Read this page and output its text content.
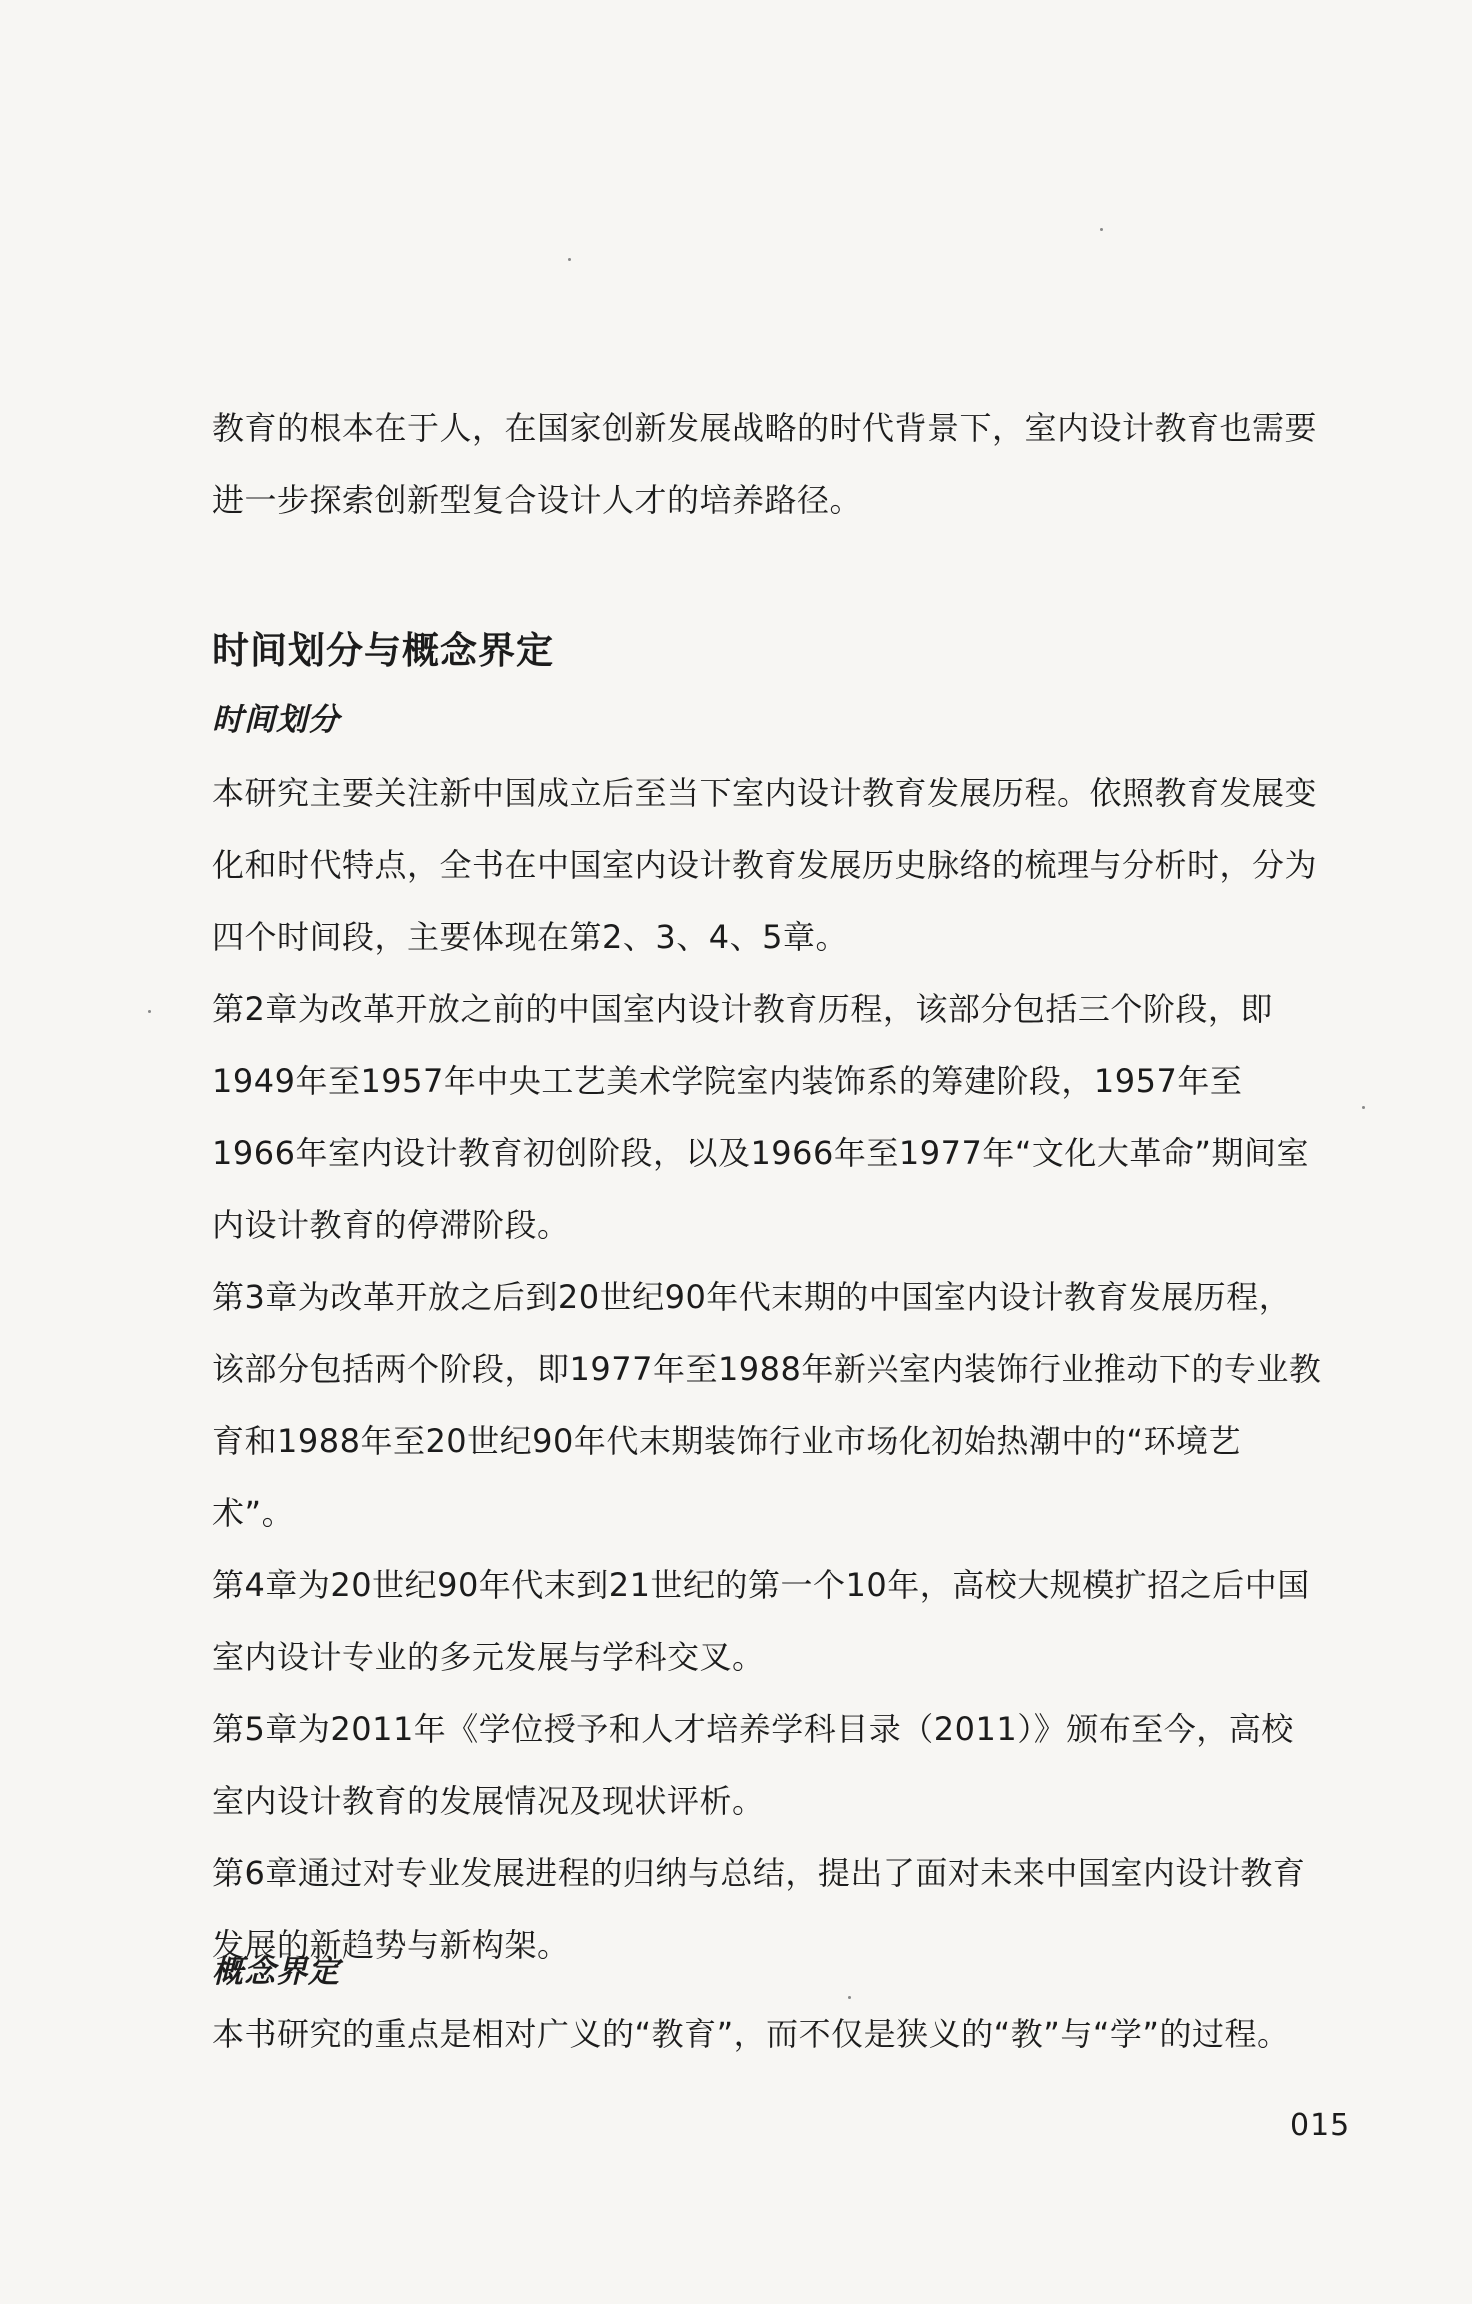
教育的根本在于人，在国家创新发展战略的时代背景下，室内设计教育也需要进一步探索创新型复合设计人才的培养路径。

时间划分与概念界定
时间划分

本研究主要关注新中国成立后至当下室内设计教育发展历程。依照教育发展变化和时代特点，全书在中国室内设计教育发展历史脉络的梳理与分析时，分为四个时间段，主要体现在第2、3、4、5章。

第2章为改革开放之前的中国室内设计教育历程，该部分包括三个阶段，即1949年至1957年中央工艺美术学院室内装饰系的筹建阶段，1957年至1966年室内设计教育初创阶段，以及1966年至1977年“文化大革命”期间室内设计教育的停滞阶段。

第3章为改革开放之后到20世纪90年代末期的中国室内设计教育发展历程，该部分包括两个阶段，即1977年至1988年新兴室内装饰行业推动下的专业教育和1988年至20世纪90年代末期装饰行业市场化初始热潮中的“环境艺术”。

第4章为20世纪90年代末到21世纪的第一个10年，高校大规模扩招之后中国室内设计专业的多元发展与学科交叉。

第5章为2011年《学位授予和人才培养学科目录（2011）》颁布至今，高校室内设计教育的发展情况及现状评析。

第6章通过对专业发展进程的归纳与总结，提出了面对未来中国室内设计教育发展的新趋势与新构架。

概念界定

本书研究的重点是相对广义的“教育”，而不仅是狭义的“教”与“学”的过程。

015
